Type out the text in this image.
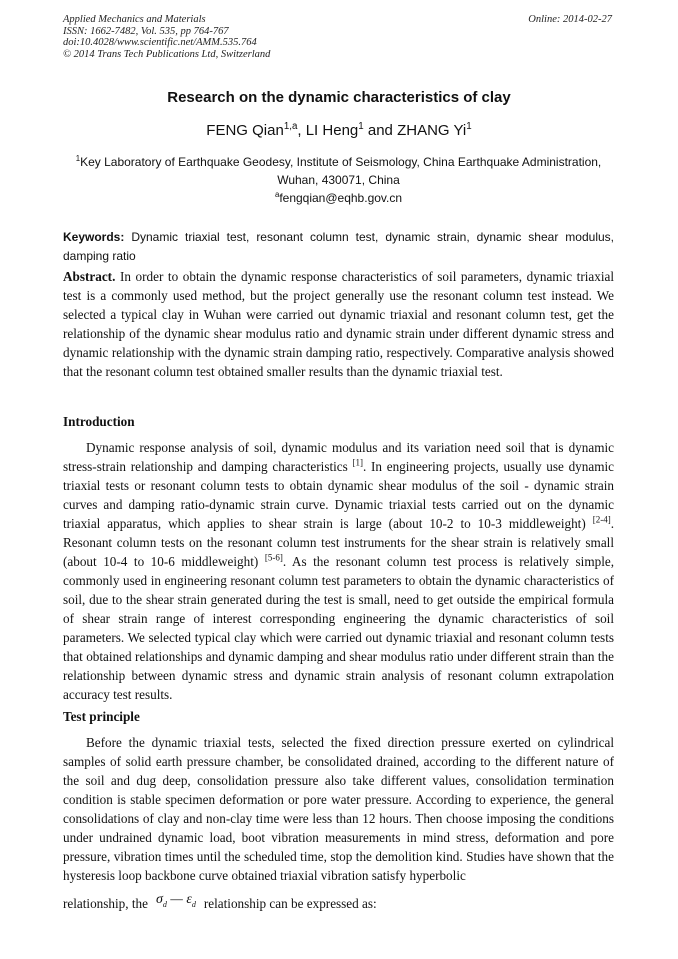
Applied Mechanics and Materials
ISSN: 1662-7482, Vol. 535, pp 764-767
doi:10.4028/www.scientific.net/AMM.535.764
© 2014 Trans Tech Publications Ltd, Switzerland
Online: 2014-02-27
Research on the dynamic characteristics of clay
FENG Qian$^{1,a}$, LI Heng$^1$ and ZHANG Yi$^1$
$^1$Key Laboratory of Earthquake Geodesy, Institute of Seismology, China Earthquake Administration,
Wuhan, 430071, China
$^a$fengqian@eqhb.gov.cn
Keywords: Dynamic triaxial test, resonant column test, dynamic strain, dynamic shear modulus, damping ratio
Abstract. In order to obtain the dynamic response characteristics of soil parameters, dynamic triaxial test is a commonly used method, but the project generally use the resonant column test instead. We selected a typical clay in Wuhan were carried out dynamic triaxial and resonant column test, get the relationship of the dynamic shear modulus ratio and dynamic strain under different dynamic stress and dynamic relationship with the dynamic strain damping ratio, respectively. Comparative analysis showed that the resonant column test obtained smaller results than the dynamic triaxial test.
Introduction
Dynamic response analysis of soil, dynamic modulus and its variation need soil that is dynamic stress-strain relationship and damping characteristics [1]. In engineering projects, usually use dynamic triaxial tests or resonant column tests to obtain dynamic shear modulus of the soil - dynamic strain curves and damping ratio-dynamic strain curve. Dynamic triaxial tests carried out on the dynamic triaxial apparatus, which applies to shear strain is large (about 10-2 to 10-3 middleweight) [2-4]. Resonant column tests on the resonant column test instruments for the shear strain is relatively small (about 10-4 to 10-6 middleweight) [5-6]. As the resonant column test process is relatively simple, commonly used in engineering resonant column test parameters to obtain the dynamic characteristics of soil, due to the shear strain generated during the test is small, need to get outside the empirical formula of shear strain range of interest corresponding engineering the dynamic characteristics of soil parameters. We selected typical clay which were carried out dynamic triaxial and resonant column tests that obtained relationships and dynamic damping and shear modulus ratio under different strain than the relationship between dynamic stress and dynamic strain analysis of resonant column extrapolation accuracy test results.
Test principle
Before the dynamic triaxial tests, selected the fixed direction pressure exerted on cylindrical samples of solid earth pressure chamber, be consolidated drained, according to the different nature of the soil and dug deep, consolidation pressure also take different values, consolidation termination condition is stable specimen deformation or pore water pressure. According to experience, the general consolidations of clay and non-clay time were less than 12 hours. Then choose imposing the conditions under undrained dynamic load, boot vibration measurements in mind stress, deformation and pore pressure, vibration times until the scheduled time, stop the demolition kind. Studies have shown that the hysteresis loop backbone curve obtained triaxial vibration satisfy hyperbolic
relationship, the $\sigma_d$ — $\varepsilon_d$ relationship can be expressed as:
